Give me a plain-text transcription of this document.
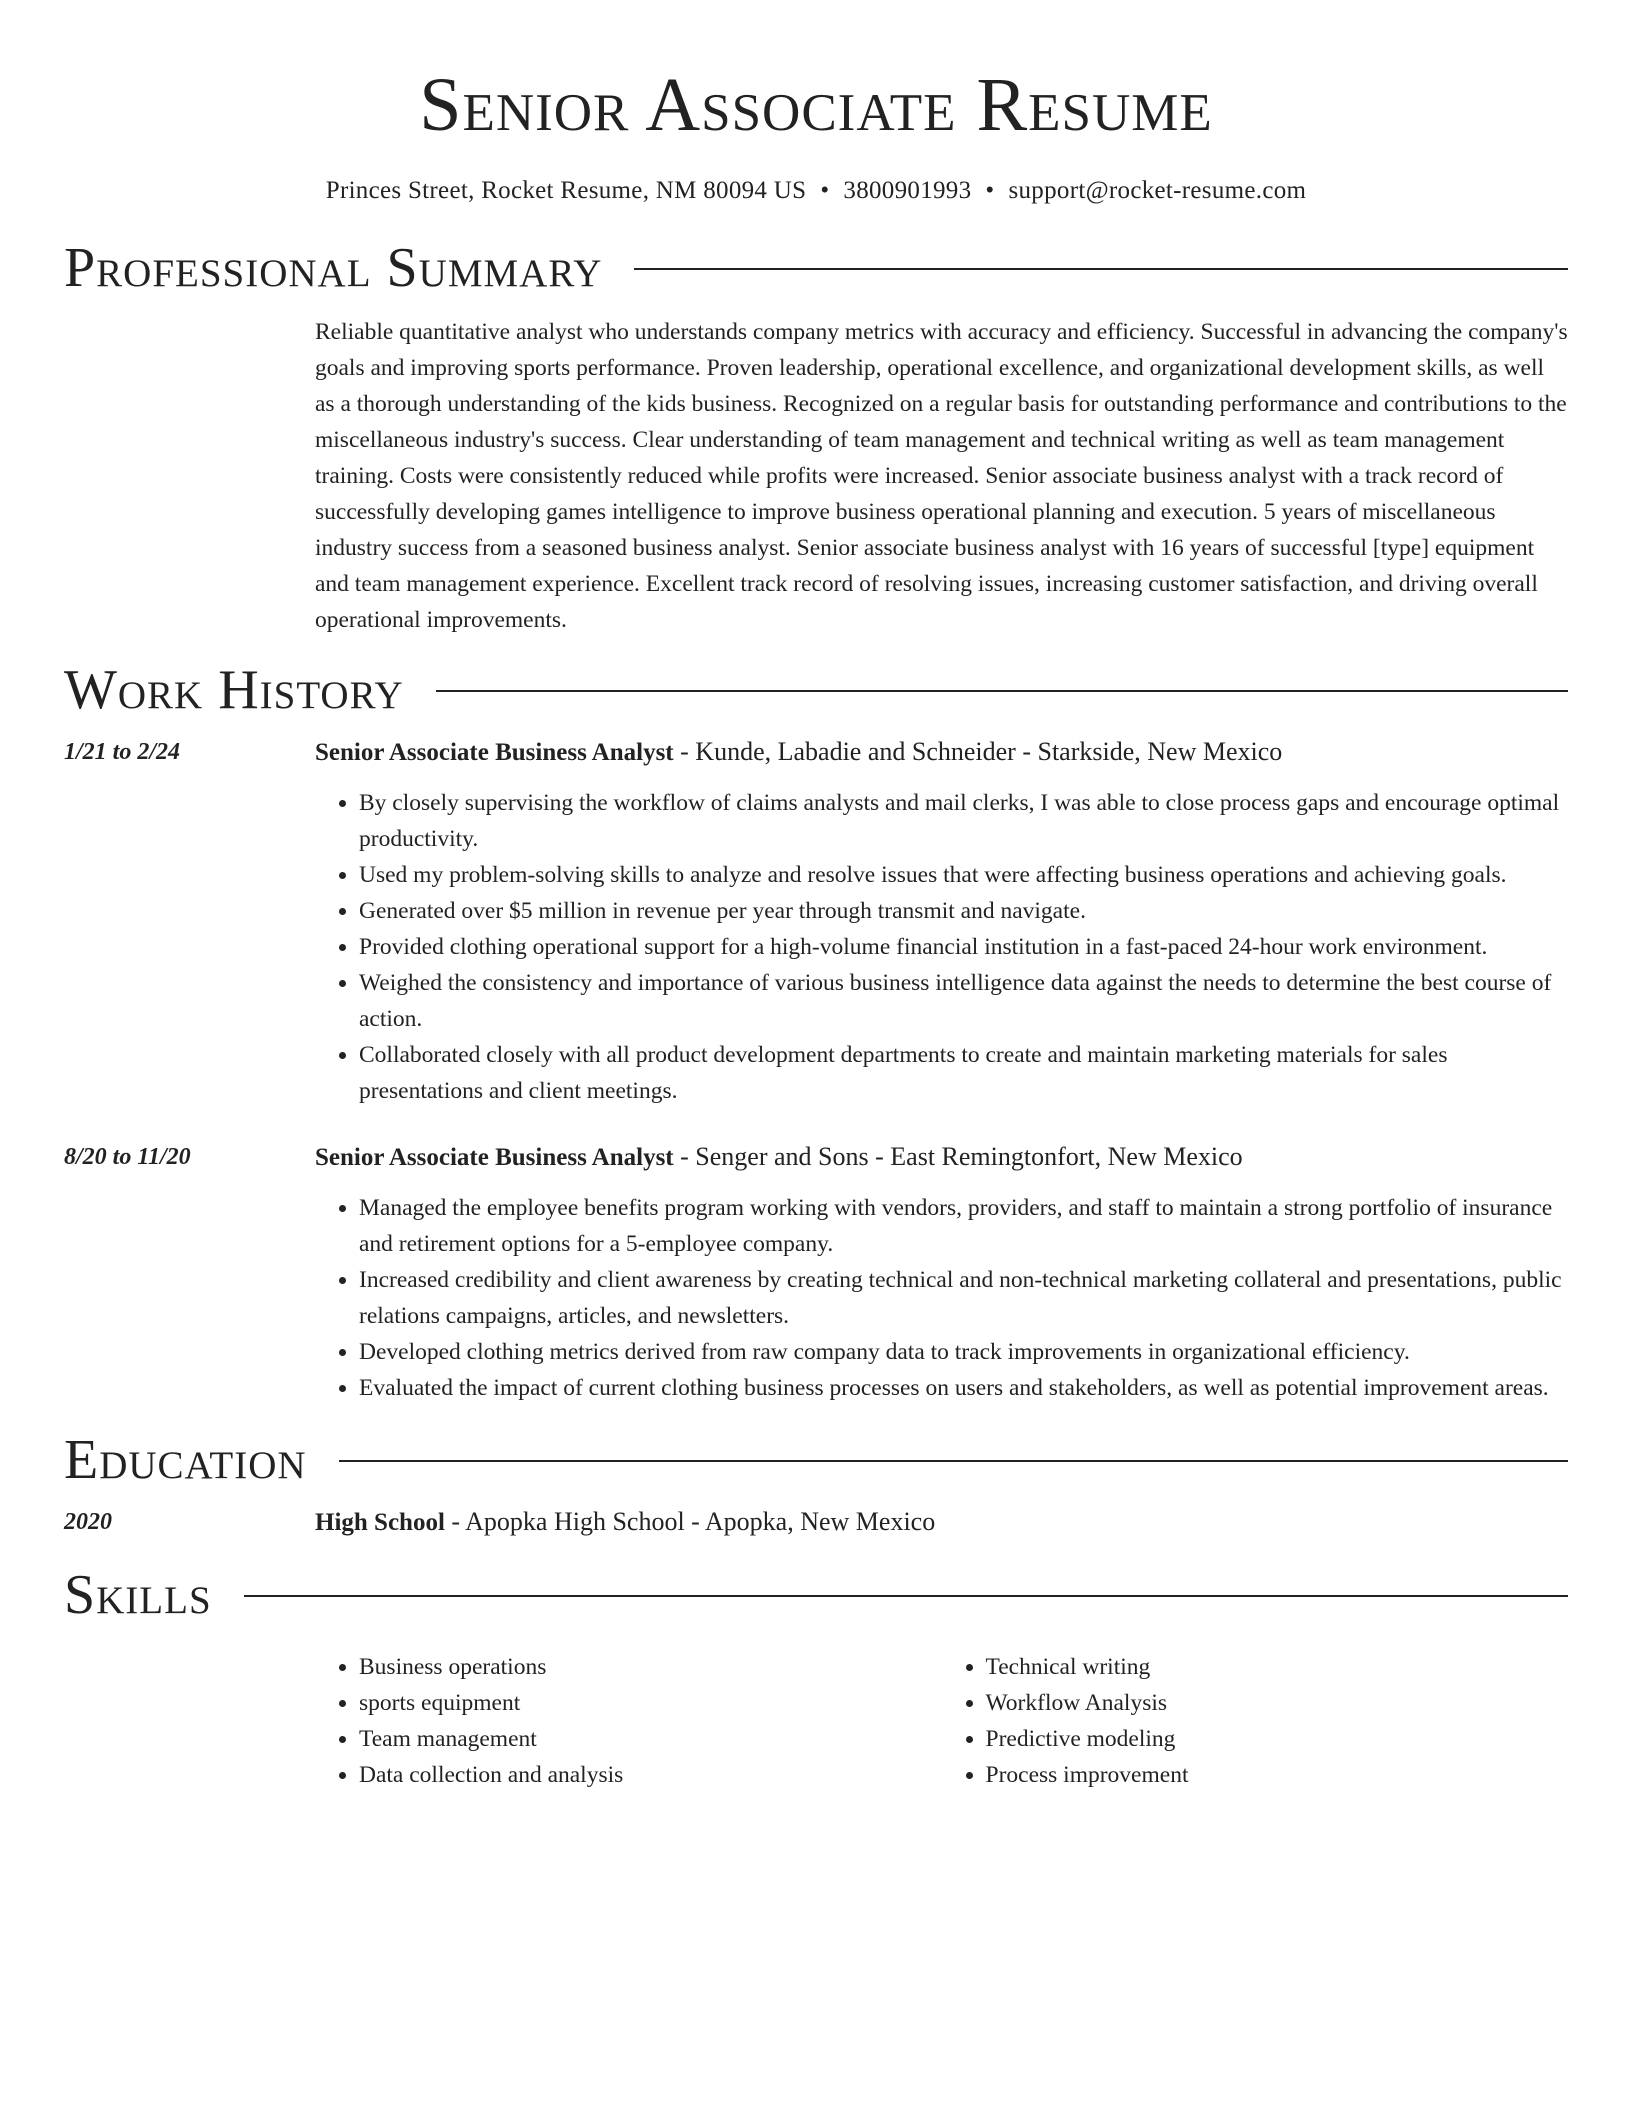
Senior Associate Resume
Princes Street, Rocket Resume, NM 80094 US • 3800901993 • support@rocket-resume.com
Professional Summary
Reliable quantitative analyst who understands company metrics with accuracy and efficiency. Successful in advancing the company's goals and improving sports performance. Proven leadership, operational excellence, and organizational development skills, as well as a thorough understanding of the kids business. Recognized on a regular basis for outstanding performance and contributions to the miscellaneous industry's success. Clear understanding of team management and technical writing as well as team management training. Costs were consistently reduced while profits were increased. Senior associate business analyst with a track record of successfully developing games intelligence to improve business operational planning and execution. 5 years of miscellaneous industry success from a seasoned business analyst. Senior associate business analyst with 16 years of successful [type] equipment and team management experience. Excellent track record of resolving issues, increasing customer satisfaction, and driving overall operational improvements.
Work History
1/21 to 2/24	Senior Associate Business Analyst - Kunde, Labadie and Schneider - Starkside, New Mexico
• By closely supervising the workflow of claims analysts and mail clerks, I was able to close process gaps and encourage optimal productivity.
• Used my problem-solving skills to analyze and resolve issues that were affecting business operations and achieving goals.
• Generated over $5 million in revenue per year through transmit and navigate.
• Provided clothing operational support for a high-volume financial institution in a fast-paced 24-hour work environment.
• Weighed the consistency and importance of various business intelligence data against the needs to determine the best course of action.
• Collaborated closely with all product development departments to create and maintain marketing materials for sales presentations and client meetings.
8/20 to 11/20	Senior Associate Business Analyst - Senger and Sons - East Remingtonfort, New Mexico
• Managed the employee benefits program working with vendors, providers, and staff to maintain a strong portfolio of insurance and retirement options for a 5-employee company.
• Increased credibility and client awareness by creating technical and non-technical marketing collateral and presentations, public relations campaigns, articles, and newsletters.
• Developed clothing metrics derived from raw company data to track improvements in organizational efficiency.
• Evaluated the impact of current clothing business processes on users and stakeholders, as well as potential improvement areas.
Education
2020	High School - Apopka High School - Apopka, New Mexico
Skills
• Business operations
• sports equipment
• Team management
• Data collection and analysis
• Technical writing
• Workflow Analysis
• Predictive modeling
• Process improvement
